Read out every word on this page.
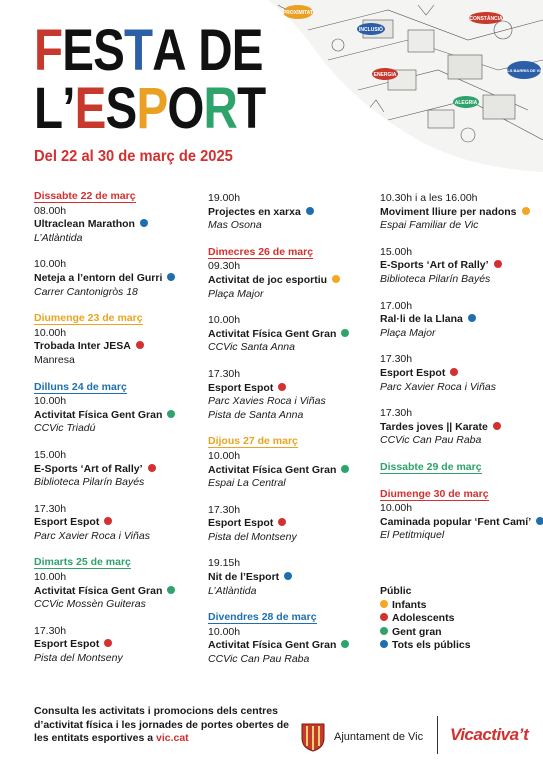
PROXIMITAT
INCLUSIÓ
CONSTÀNCIA
ENERGIA
ALEGRIA
ELS BARRIS DE VIC
FESTA DE
L’ESPORT
Del 22 al 30 de març de 2025
Dissabte 22 de març
08.00h
Ultraclean Marathon
L’Atlàntida
10.00h
Neteja a l’entorn del Gurri
Carrer Cantonigròs 18
Diumenge 23 de març
10.00h
Trobada Inter JESA
Manresa
Dilluns 24 de març
10.00h
Activitat Física Gent Gran
CCVic Triadú
15.00h
E-Sports ‘Art of Rally’
Biblioteca Pilarín Bayés
17.30h
Esport Espot
Parc Xavier Roca i Viñas
Dimarts 25 de març
10.00h
Activitat Física Gent Gran
CCVic Mossèn Guiteras
17.30h
Esport Espot
Pista del Montseny
19.00h
Projectes en xarxa
Mas Osona
Dimecres 26 de març
09.30h
Activitat de joc esportiu
Plaça Major
10.00h
Activitat Física Gent Gran
CCVic Santa Anna
17.30h
Esport Espot
Parc Xavies Roca i Viñas
Pista de Santa Anna
Dijous 27 de març
10.00h
Activitat Física Gent Gran
Espai La Central
17.30h
Esport Espot
Pista del Montseny
19.15h
Nit de l’Esport
L’Atlàntida
Divendres 28 de març
10.00h
Activitat Física Gent Gran
CCVic Can Pau Raba
10.30h i a les 16.00h
Moviment lliure per nadons
Espai Familiar de Vic
15.00h
E-Sports ‘Art of Rally’
Biblioteca Pilarín Bayés
17.00h
Ral·li de la Llana
Plaça Major
17.30h
Esport Espot
Parc Xavier Roca i Viñas
17.30h
Tardes joves || Karate
CCVic Can Pau Raba
Dissabte 29 de març
Diumenge 30 de març
10.00h
Caminada popular ‘Fent Camí’
El Petitmiquel
Públic
Infants
Adolescents
Gent gran
Tots els públics
Consulta les activitats i promocions dels centres d’activitat física i les jornades de portes obertes de les entitats esportives a vic.cat	Ajuntament de Vic Vicactiva’t
